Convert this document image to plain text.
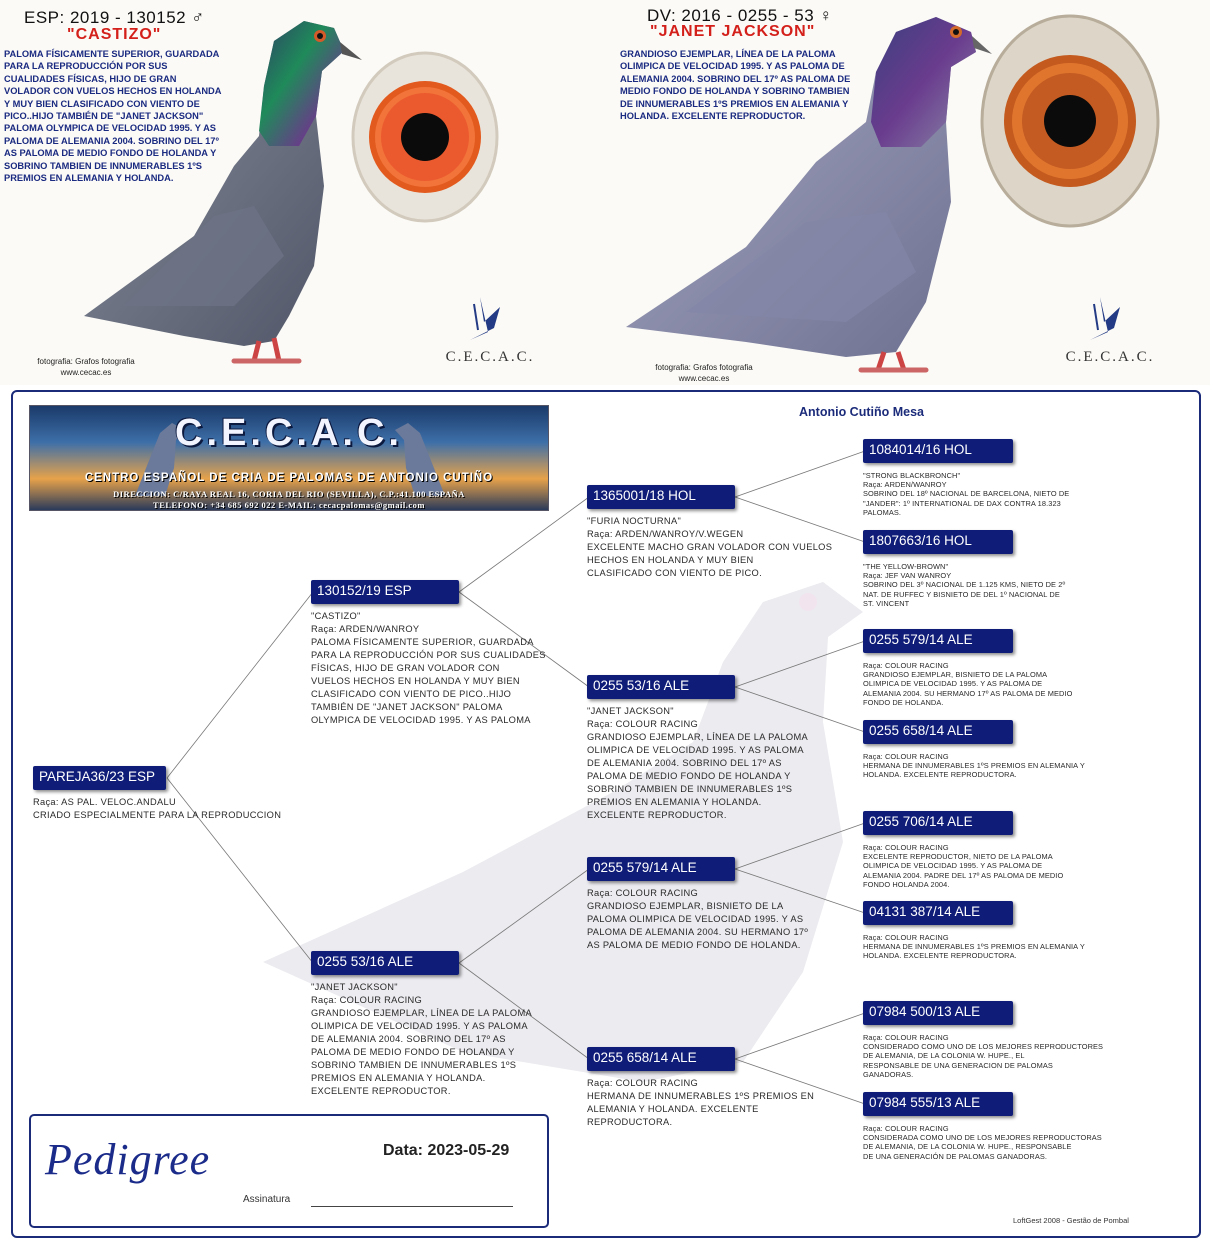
ESP: 2019 - 130152 ♂
"CASTIZO"
PALOMA FÍSICAMENTE SUPERIOR, GUARDADA PARA LA REPRODUCCIÓN POR SUS CUALIDADES FÍSICAS, HIJO DE GRAN VOLADOR CON VUELOS HECHOS EN HOLANDA Y MUY BIEN CLASIFICADO CON VIENTO DE PICO..HIJO TAMBIÉN DE "JANET JACKSON" PALOMA OLYMPICA DE VELOCIDAD 1995. Y AS PALOMA DE ALEMANIA 2004. SOBRINO DEL 17º AS PALOMA DE MEDIO FONDO DE HOLANDA Y SOBRINO TAMBIEN DE INNUMERABLES 1ºS PREMIOS EN ALEMANIA Y HOLANDA.
fotografia: Grafos fotografia
www.cecac.es
C.E.C.A.C.
DV: 2016 - 0255 - 53 ♀
"JANET JACKSON"
GRANDIOSO EJEMPLAR, LÍNEA DE LA PALOMA OLIMPICA DE VELOCIDAD 1995. Y AS PALOMA DE ALEMANIA 2004. SOBRINO DEL 17º AS PALOMA DE MEDIO FONDO DE HOLANDA Y SOBRINO TAMBIEN DE INNUMERABLES 1ºS PREMIOS EN ALEMANIA Y HOLANDA. EXCELENTE REPRODUCTOR.
fotografia: Grafos fotografia
www.cecac.es
C.E.C.A.C.
C.E.C.A.C.
CENTRO ESPAÑOL DE CRIA DE PALOMAS DE ANTONIO CUTIÑO
DIRECCION: C/RAYA REAL 16, CORIA DEL RIO (SEVILLA), C.P.:41.100 ESPAÑA
TELEFONO: +34 685 692 022 E-MAIL: cecacpalomas@gmail.com
Antonio Cutiño Mesa
PAREJA36/23 ESP
Raça: AS PAL. VELOC.ANDALU
CRIADO ESPECIALMENTE PARA LA REPRODUCCION
130152/19 ESP
"CASTIZO"
Raça: ARDEN/WANROY
PALOMA FÍSICAMENTE SUPERIOR, GUARDADA
PARA LA REPRODUCCIÓN POR SUS CUALIDADES
FÍSICAS, HIJO DE GRAN VOLADOR CON
VUELOS HECHOS EN HOLANDA Y MUY BIEN
CLASIFICADO CON VIENTO DE PICO..HIJO
TAMBIÉN DE "JANET JACKSON" PALOMA
OLYMPICA DE VELOCIDAD 1995. Y AS PALOMA
0255 53/16 ALE
"JANET JACKSON"
Raça: COLOUR RACING
GRANDIOSO EJEMPLAR, LÍNEA DE LA PALOMA
OLIMPICA DE VELOCIDAD 1995. Y AS PALOMA
DE ALEMANIA 2004. SOBRINO DEL 17º AS
PALOMA DE MEDIO FONDO DE HOLANDA Y
SOBRINO TAMBIEN DE INNUMERABLES 1ºS
PREMIOS EN ALEMANIA Y HOLANDA.
EXCELENTE REPRODUCTOR.
1365001/18 HOL
"FURIA NOCTURNA"
Raça: ARDEN/WANROY/V.WEGEN
EXCELENTE MACHO GRAN VOLADOR CON VUELOS
HECHOS EN HOLANDA Y MUY BIEN
CLASIFICADO CON VIENTO DE PICO.
0255 53/16 ALE
"JANET JACKSON"
Raça: COLOUR RACING
GRANDIOSO EJEMPLAR, LÍNEA DE LA PALOMA
OLIMPICA DE VELOCIDAD 1995. Y AS PALOMA
DE ALEMANIA 2004. SOBRINO DEL 17º AS
PALOMA DE MEDIO FONDO DE HOLANDA Y
SOBRINO TAMBIEN DE INNUMERABLES 1ºS
PREMIOS EN ALEMANIA Y HOLANDA.
EXCELENTE REPRODUCTOR.
0255 579/14 ALE
Raça: COLOUR RACING
GRANDIOSO EJEMPLAR, BISNIETO DE LA
PALOMA OLIMPICA DE VELOCIDAD 1995. Y AS
PALOMA DE ALEMANIA 2004. SU HERMANO 17º
AS PALOMA DE MEDIO FONDO DE HOLANDA.
0255 658/14 ALE
Raça: COLOUR RACING
HERMANA DE INNUMERABLES 1ºS PREMIOS EN
ALEMANIA Y HOLANDA. EXCELENTE
REPRODUCTORA.
1084014/16 HOL
"STRONG BLACKBRONCH"
Raça: ARDEN/WANROY
SOBRINO DEL 18º NACIONAL DE BARCELONA, NIETO DE
"JANDER": 1º INTERNATIONAL DE DAX CONTRA 18.323
PALOMAS.
1807663/16 HOL
"THE YELLOW-BROWN"
Raça: JEF VAN WANROY
SOBRINO DEL 3º NACIONAL DE 1.125 KMS, NIETO DE 2º
NAT. DE RUFFEC Y BISNIETO DE DEL 1º NACIONAL DE
ST. VINCENT
0255 579/14 ALE
Raça: COLOUR RACING
GRANDIOSO EJEMPLAR, BISNIETO DE LA PALOMA
OLIMPICA DE VELOCIDAD 1995. Y AS PALOMA DE
ALEMANIA 2004. SU HERMANO 17º AS PALOMA DE MEDIO
FONDO DE HOLANDA.
0255 658/14 ALE
Raça: COLOUR RACING
HERMANA DE INNUMERABLES 1ºS PREMIOS EN ALEMANIA Y
HOLANDA. EXCELENTE REPRODUCTORA.
0255 706/14 ALE
Raça: COLOUR RACING
EXCELENTE REPRODUCTOR, NIETO DE LA PALOMA
OLIMPICA DE VELOCIDAD 1995. Y AS PALOMA DE
ALEMANIA 2004. PADRE DEL 17º AS PALOMA DE MEDIO
FONDO HOLANDA 2004.
04131 387/14 ALE
Raça: COLOUR RACING
HERMANA DE INNUMERABLES 1ºS PREMIOS EN ALEMANIA Y
HOLANDA. EXCELENTE REPRODUCTORA.
07984 500/13 ALE
Raça: COLOUR RACING
CONSIDERADO COMO UNO DE LOS MEJORES REPRODUCTORES
DE ALEMANIA, DE LA COLONIA W. HUPE., EL
RESPONSABLE DE UNA GENERACION DE PALOMAS
GANADORAS.
07984 555/13 ALE
Raça: COLOUR RACING
CONSIDERADA COMO UNO DE LOS MEJORES REPRODUCTORAS
DE ALEMANIA, DE LA COLONIA W. HUPE., RESPONSABLE
DE UNA GENERACIÓN DE PALOMAS GANADORAS.
Pedigree	Data: 2023-05-29
Assinatura
LoftGest 2008 - Gestão de Pombal
